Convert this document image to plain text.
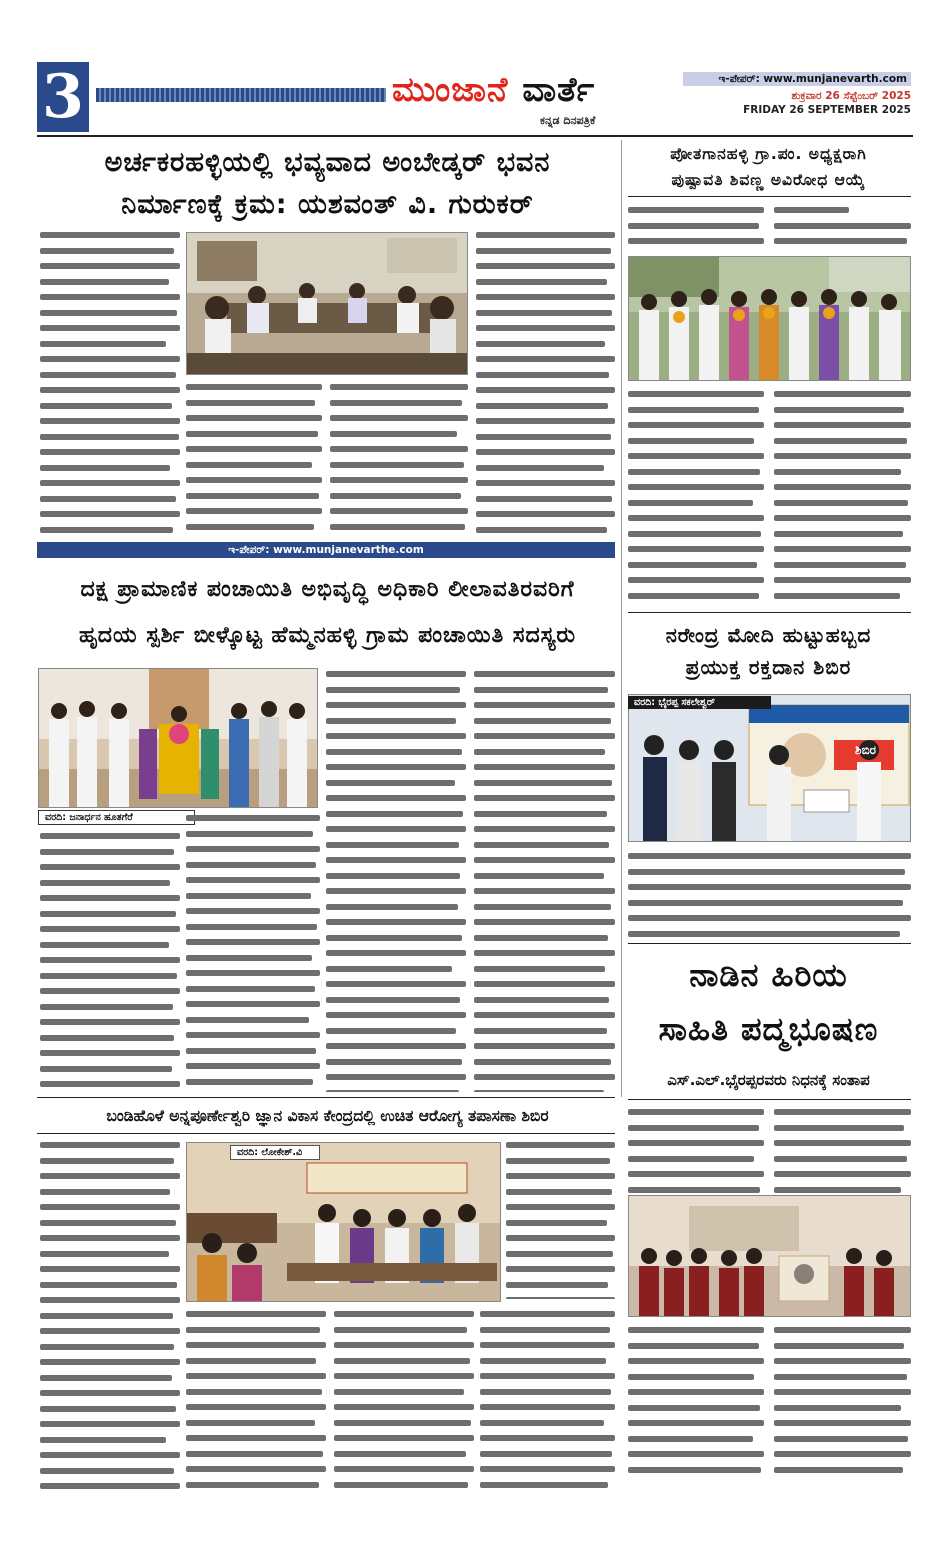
3	ಮುಂಜಾನೆ ವಾರ್ತೆ
ಕನ್ನಡ ದಿನಪತ್ರಿಕೆ
ಇ-ಪೇಪರ್: www.munjanevarth.com
ಶುಕ್ರವಾರ 26 ಸೆಪ್ಟೆಂಬರ್ 2025
FRIDAY 26 SEPTEMBER 2025
ಅರ್ಚಕರಹಳ್ಳಿಯಲ್ಲಿ ಭವ್ಯವಾದ ಅಂಬೇಡ್ಕರ್ ಭವನ
ನಿರ್ಮಾಣಕ್ಕೆ ಕ್ರಮ: ಯಶವಂತ್ ವಿ. ಗುರುಕರ್
ಇ-ಪೇಪರ್: www.munjanevarthe.com
ಪೋತಗಾನಹಳ್ಳಿ ಗ್ರಾ.ಪಂ. ಅಧ್ಯಕ್ಷರಾಗಿ
ಪುಷ್ಪಾವತಿ ಶಿವಣ್ಣ ಅವಿರೋಧ ಆಯ್ಕೆ
ದಕ್ಷ ಪ್ರಾಮಾಣಿಕ ಪಂಚಾಯಿತಿ ಅಭಿವೃದ್ಧಿ ಅಧಿಕಾರಿ ಲೀಲಾವತಿರವರಿಗೆ
ಹೃದಯ ಸ್ಪರ್ಶಿ ಬೀಳ್ಕೊಟ್ಟ ಹೆಮ್ಮನಹಳ್ಳಿ ಗ್ರಾಮ ಪಂಚಾಯಿತಿ ಸದಸ್ಯರು
ವರದಿ: ಜನಾರ್ಧನ ಹೂತಗೆರೆ
ನರೇಂದ್ರ ಮೋದಿ ಹುಟ್ಟುಹಬ್ಬದ
ಪ್ರಯುಕ್ತ ರಕ್ತದಾನ ಶಿಬಿರ
ಶಿಬಿರ
ವರದಿ: ಭೈರಪ್ಪ ಸಕಲೇಶ್ವರ್
ನಾಡಿನ ಹಿರಿಯ
ಸಾಹಿತಿ ಪದ್ಮಭೂಷಣ
ಎಸ್.ಎಲ್.ಭೈರಪ್ಪರವರು ನಿಧನಕ್ಕೆ ಸಂತಾಪ
ಬಂಡಿಹೊಳೆ ಅನ್ನಪೂರ್ಣೇಶ್ವರಿ ಜ್ಞಾನ ವಿಕಾಸ ಕೇಂದ್ರದಲ್ಲಿ ಉಚಿತ ಆರೋಗ್ಯ ತಪಾಸಣಾ ಶಿಬಿರ
ವರದಿ: ಲೋಕೇಶ್.ವಿ
